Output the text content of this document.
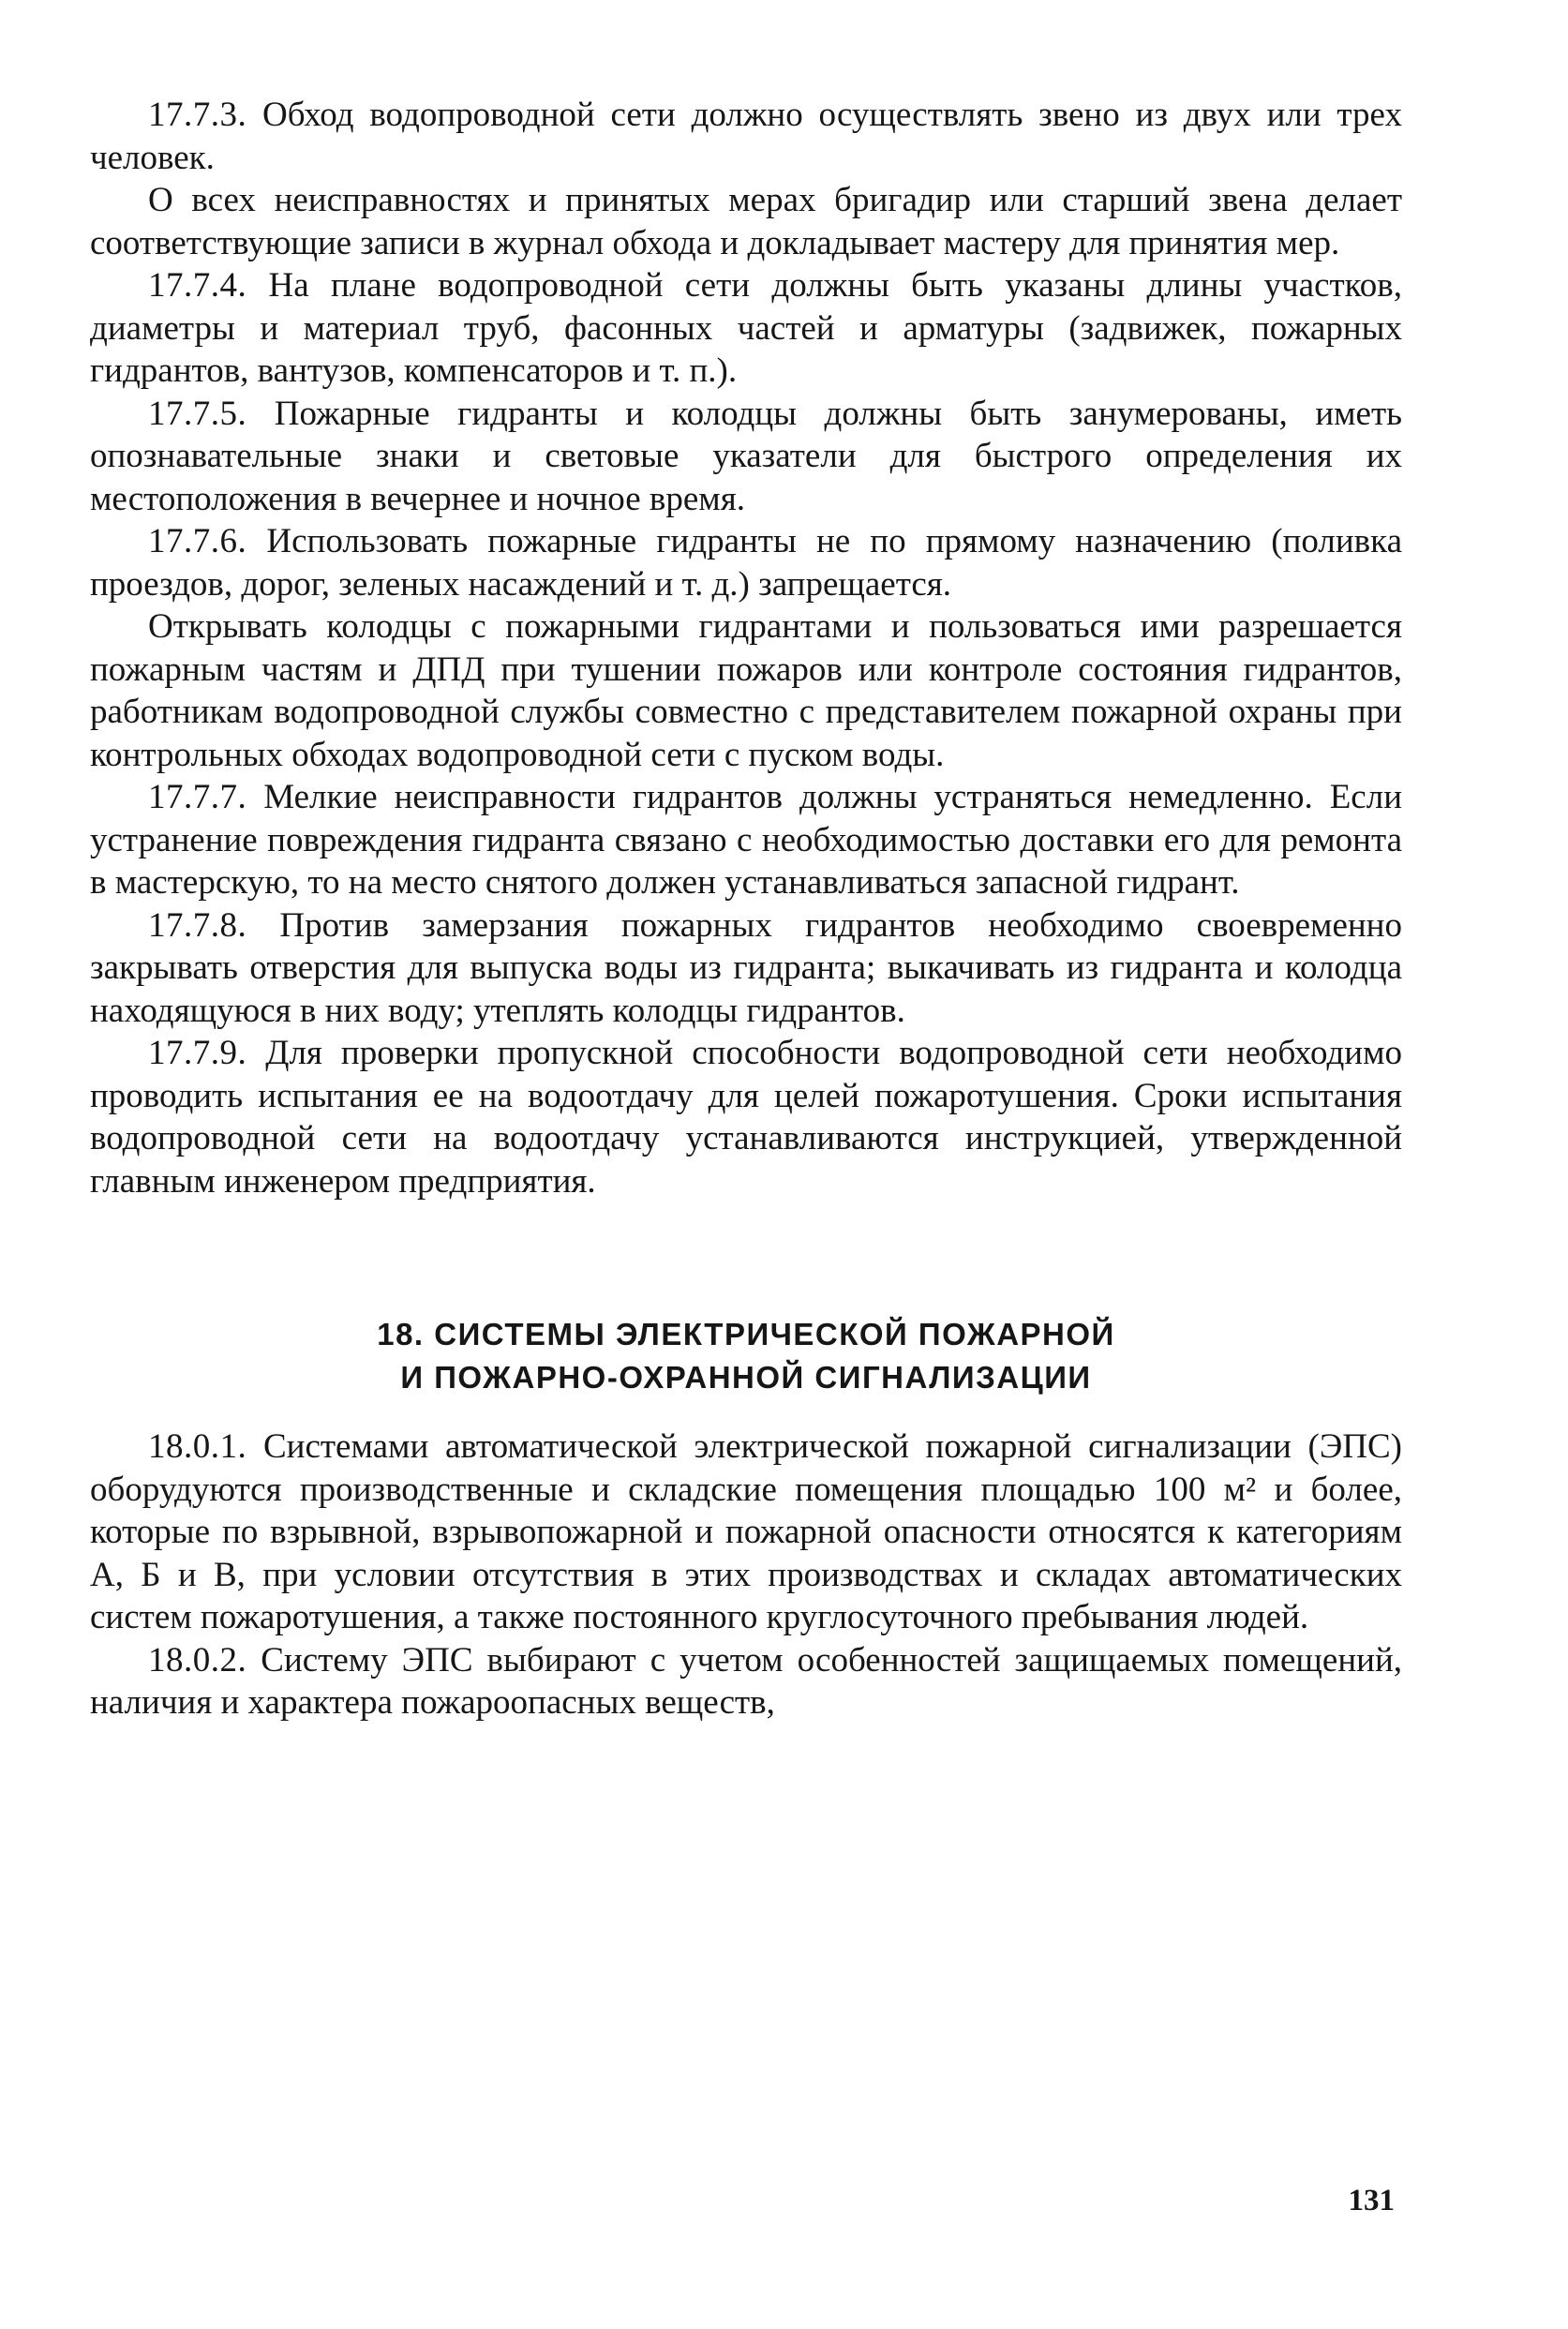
17.7.3. Обход водопроводной сети должно осуществлять звено из двух или трех человек.

О всех неисправностях и принятых мерах бригадир или старший звена делает соответствующие записи в журнал обхода и докладывает мастеру для принятия мер.

17.7.4. На плане водопроводной сети должны быть указаны длины участков, диаметры и материал труб, фасонных частей и арматуры (задвижек, пожарных гидрантов, вантузов, компенсаторов и т. п.).

17.7.5. Пожарные гидранты и колодцы должны быть занумерованы, иметь опознавательные знаки и световые указатели для быстрого определения их местоположения в вечернее и ночное время.

17.7.6. Использовать пожарные гидранты не по прямому назначению (поливка проездов, дорог, зеленых насаждений и т. д.) запрещается.

Открывать колодцы с пожарными гидрантами и пользоваться ими разрешается пожарным частям и ДПД при тушении пожаров или контроле состояния гидрантов, работникам водопроводной службы совместно с представителем пожарной охраны при контрольных обходах водопроводной сети с пуском воды.

17.7.7. Мелкие неисправности гидрантов должны устраняться немедленно. Если устранение повреждения гидранта связано с необходимостью доставки его для ремонта в мастерскую, то на место снятого должен устанавливаться запасной гидрант.

17.7.8. Против замерзания пожарных гидрантов необходимо своевременно закрывать отверстия для выпуска воды из гидранта; выкачивать из гидранта и колодца находящуюся в них воду; утеплять колодцы гидрантов.

17.7.9. Для проверки пропускной способности водопроводной сети необходимо проводить испытания ее на водоотдачу для целей пожаротушения. Сроки испытания водопроводной сети на водоотдачу устанавливаются инструкцией, утвержденной главным инженером предприятия.

18. СИСТЕМЫ ЭЛЕКТРИЧЕСКОЙ ПОЖАРНОЙ
И ПОЖАРНО-ОХРАННОЙ СИГНАЛИЗАЦИИ

18.0.1. Системами автоматической электрической пожарной сигнализации (ЭПС) оборудуются производственные и складские помещения площадью 100 м² и более, которые по взрывной, взрывопожарной и пожарной опасности относятся к категориям А, Б и В, при условии отсутствия в этих производствах и складах автоматических систем пожаротушения, а также постоянного круглосуточного пребывания людей.

18.0.2. Систему ЭПС выбирают с учетом особенностей защищаемых помещений, наличия и характера пожароопасных веществ,

131
